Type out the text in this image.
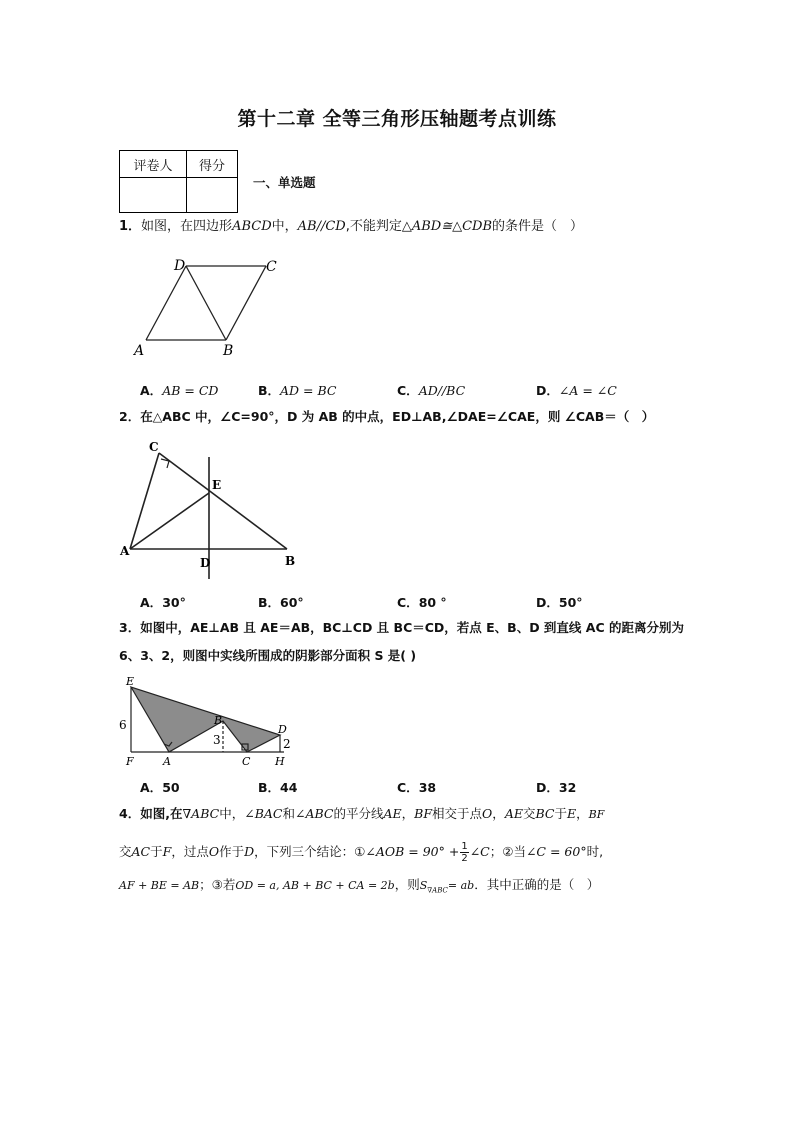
第十二章 全等三角形压轴题考点训练
评卷人	得分

一、单选题
1．如图，在四边形ABCD中，AB//CD,不能判定△ABD≅△CDB的条件是（　）
A	B
C
D
A．AB = CD	B．AD = BC	C．AD//BC	D．∠A = ∠C
2．在△ABC 中，∠C=90°，D 为 AB 的中点，ED⊥AB,∠DAE=∠CAE，则 ∠CAB＝（　）
C
E
A
B
D
A．30°	B．60°	C．80 °	D．50°
3．如图中，AE⊥AB 且 AE＝AB，BC⊥CD 且 BC＝CD，若点 E、B、D 到直线 AC 的距离分别为
6、3、2，则图中实线所围成的阴影部分面积 S 是( )
E
F	A
B
C
D
H
6
3	2
A．50	B．44	C．38	D．32
4．如图,在∇ABC中，∠BAC和∠ABC的平分线AE，BF相交于点O，AE交BC于E，BF
交AC于F，过点O作于D，下列三个结论：①∠AOB = $90^\circ + \frac{1}{2}$ ∠C；②当∠C = 60°时,
AF + BE = AB；③若OD = a, AB + BC + CA = 2b，则$S_{\nabla ABC}=$ ab．其中正确的是（　）
